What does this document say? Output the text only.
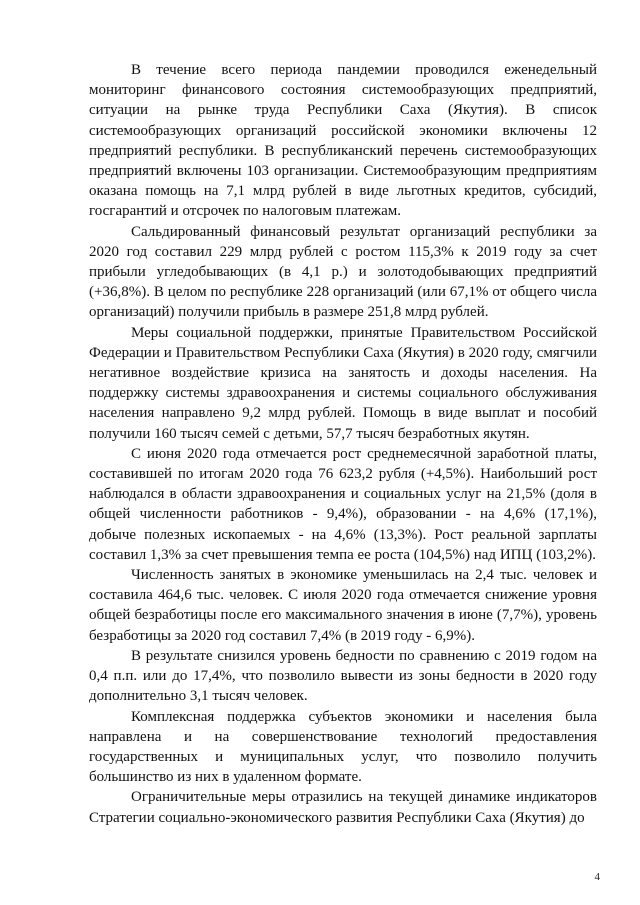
В течение всего периода пандемии проводился еженедельный мониторинг финансового состояния системообразующих предприятий, ситуации на рынке труда Республики Саха (Якутия). В список системообразующих организаций российской экономики включены 12 предприятий республики. В республиканский перечень системообразующих предприятий включены 103 организации. Системообразующим предприятиям оказана помощь на 7,1 млрд рублей в виде льготных кредитов, субсидий, госгарантий и отсрочек по налоговым платежам.

Сальдированный финансовый результат организаций республики за 2020 год составил 229 млрд рублей с ростом 115,3% к 2019 году за счет прибыли угледобывающих (в 4,1 р.) и золотодобывающих предприятий (+36,8%). В целом по республике 228 организаций (или 67,1% от общего числа организаций) получили прибыль в размере 251,8 млрд рублей.

Меры социальной поддержки, принятые Правительством Российской Федерации и Правительством Республики Саха (Якутия) в 2020 году, смягчили негативное воздействие кризиса на занятость и доходы населения. На поддержку системы здравоохранения и системы социального обслуживания населения направлено 9,2 млрд рублей. Помощь в виде выплат и пособий получили 160 тысяч семей с детьми, 57,7 тысяч безработных якутян.

С июня 2020 года отмечается рост среднемесячной заработной платы, составившей по итогам 2020 года 76 623,2 рубля (+4,5%). Наибольший рост наблюдался в области здравоохранения и социальных услуг на 21,5% (доля в общей численности работников - 9,4%), образовании - на 4,6% (17,1%), добыче полезных ископаемых - на 4,6% (13,3%). Рост реальной зарплаты составил 1,3% за счет превышения темпа ее роста (104,5%) над ИПЦ (103,2%).

Численность занятых в экономике уменьшилась на 2,4 тыс. человек и составила 464,6 тыс. человек. С июля 2020 года отмечается снижение уровня общей безработицы после его максимального значения в июне (7,7%), уровень безработицы за 2020 год составил 7,4% (в 2019 году - 6,9%).

В результате снизился уровень бедности по сравнению с 2019 годом на 0,4 п.п. или до 17,4%, что позволило вывести из зоны бедности в 2020 году дополнительно 3,1 тысяч человек.

Комплексная поддержка субъектов экономики и населения была направлена и на совершенствование технологий предоставления государственных и муниципальных услуг, что позволило получить большинство из них в удаленном формате.

Ограничительные меры отразились на текущей динамике индикаторов Стратегии социально-экономического развития Республики Саха (Якутия) до

4
